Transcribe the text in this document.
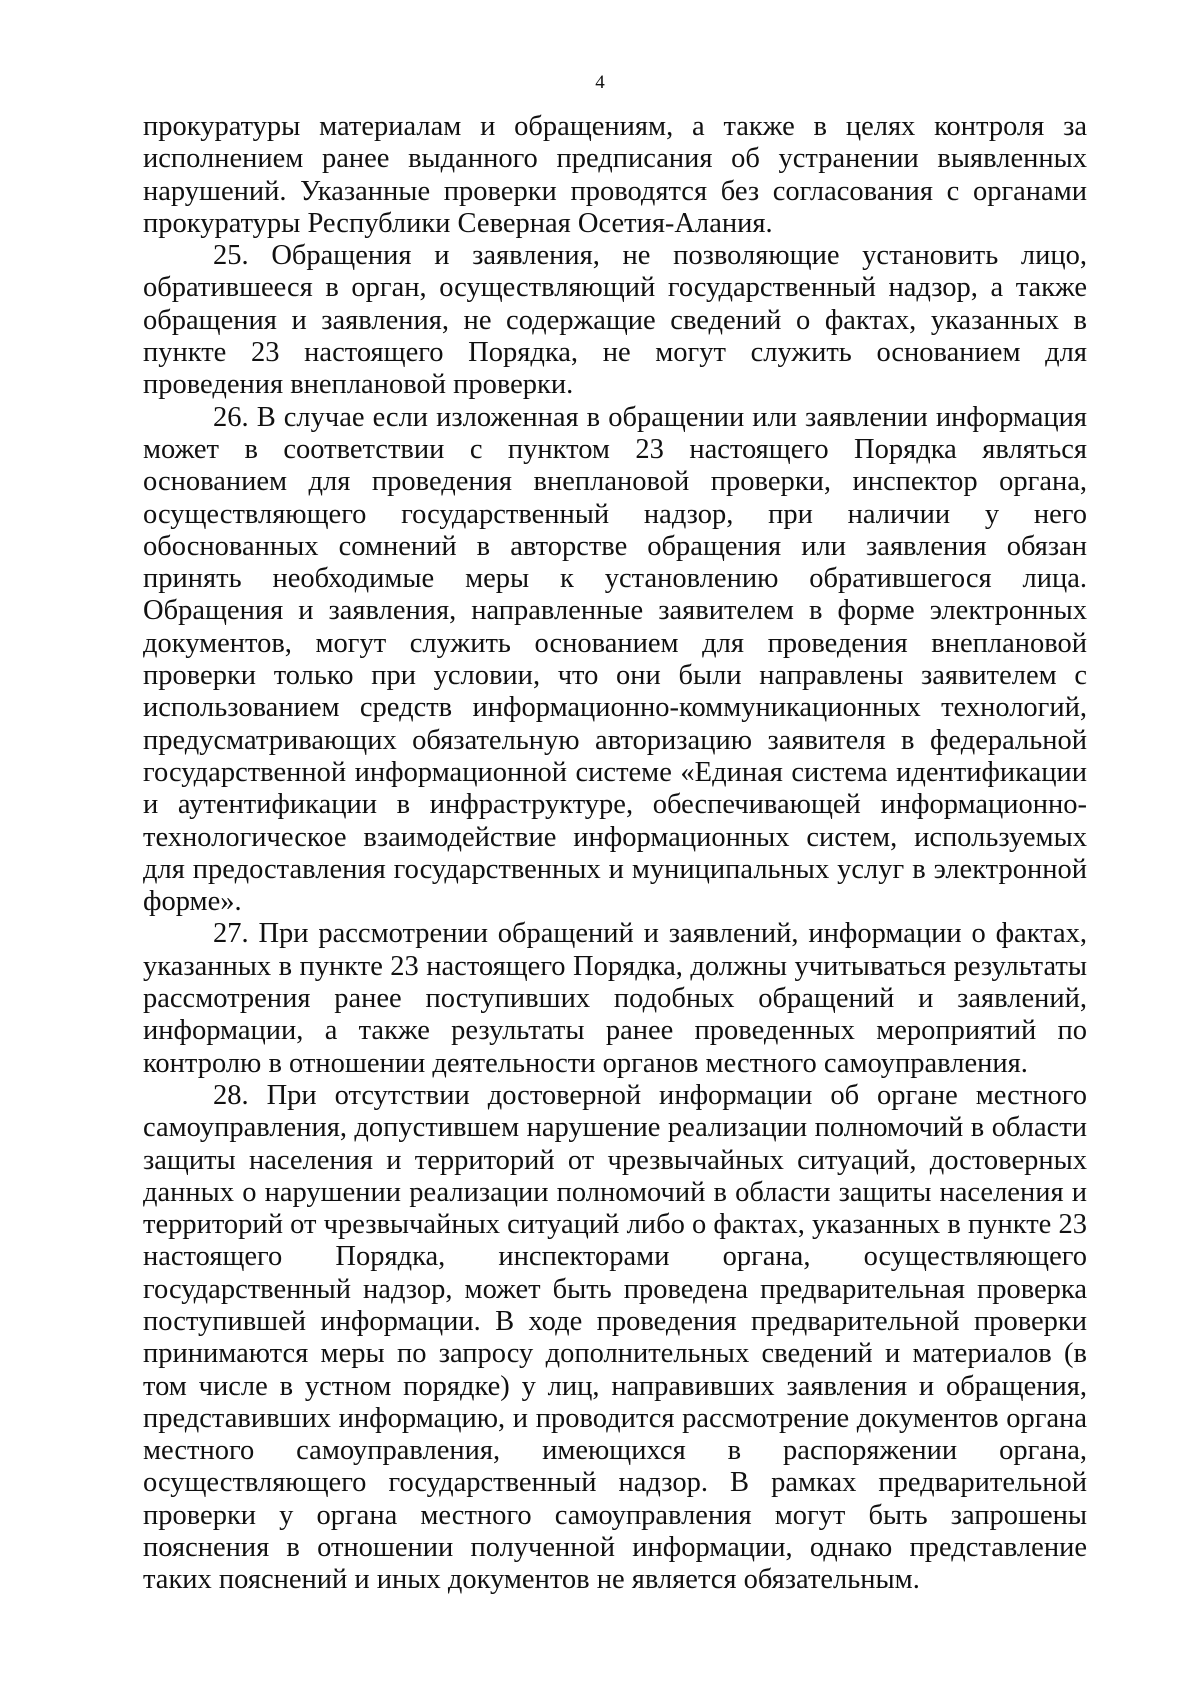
4

прокуратуры материалам и обращениям, а также в целях контроля за исполнением ранее выданного предписания об устранении выявленных нарушений. Указанные проверки проводятся без согласования с органами прокуратуры Республики Северная Осетия-Алания.

25. Обращения и заявления, не позволяющие установить лицо, обратившееся в орган, осуществляющий государственный надзор, а также обращения и заявления, не содержащие сведений о фактах, указанных в пункте 23 настоящего Порядка, не могут служить основанием для проведения внеплановой проверки.

26. В случае если изложенная в обращении или заявлении информация может в соответствии с пунктом 23 настоящего Порядка являться основанием для проведения внеплановой проверки, инспектор органа, осуществляющего государственный надзор, при наличии у него обоснованных сомнений в авторстве обращения или заявления обязан принять необходимые меры к установлению обратившегося лица. Обращения и заявления, направленные заявителем в форме электронных документов, могут служить основанием для проведения внеплановой проверки только при условии, что они были направлены заявителем с использованием средств информационно-коммуникационных технологий, предусматривающих обязательную авторизацию заявителя в федеральной государственной информационной системе «Единая система идентификации и аутентификации в инфраструктуре, обеспечивающей информационно-технологическое взаимодействие информационных систем, используемых для предоставления государственных и муниципальных услуг в электронной форме».

27. При рассмотрении обращений и заявлений, информации о фактах, указанных в пункте 23 настоящего Порядка, должны учитываться результаты рассмотрения ранее поступивших подобных обращений и заявлений, информации, а также результаты ранее проведенных мероприятий по контролю в отношении деятельности органов местного самоуправления.

28. При отсутствии достоверной информации об органе местного самоуправления, допустившем нарушение реализации полномочий в области защиты населения и территорий от чрезвычайных ситуаций, достоверных данных о нарушении реализации полномочий в области защиты населения и территорий от чрезвычайных ситуаций либо о фактах, указанных в пункте 23 настоящего Порядка, инспекторами органа, осуществляющего государственный надзор, может быть проведена предварительная проверка поступившей информации. В ходе проведения предварительной проверки принимаются меры по запросу дополнительных сведений и материалов (в том числе в устном порядке) у лиц, направивших заявления и обращения, представивших информацию, и проводится рассмотрение документов органа местного самоуправления, имеющихся в распоряжении органа, осуществляющего государственный надзор. В рамках предварительной проверки у органа местного самоуправления могут быть запрошены пояснения в отношении полученной информации, однако представление таких пояснений и иных документов не является обязательным.
